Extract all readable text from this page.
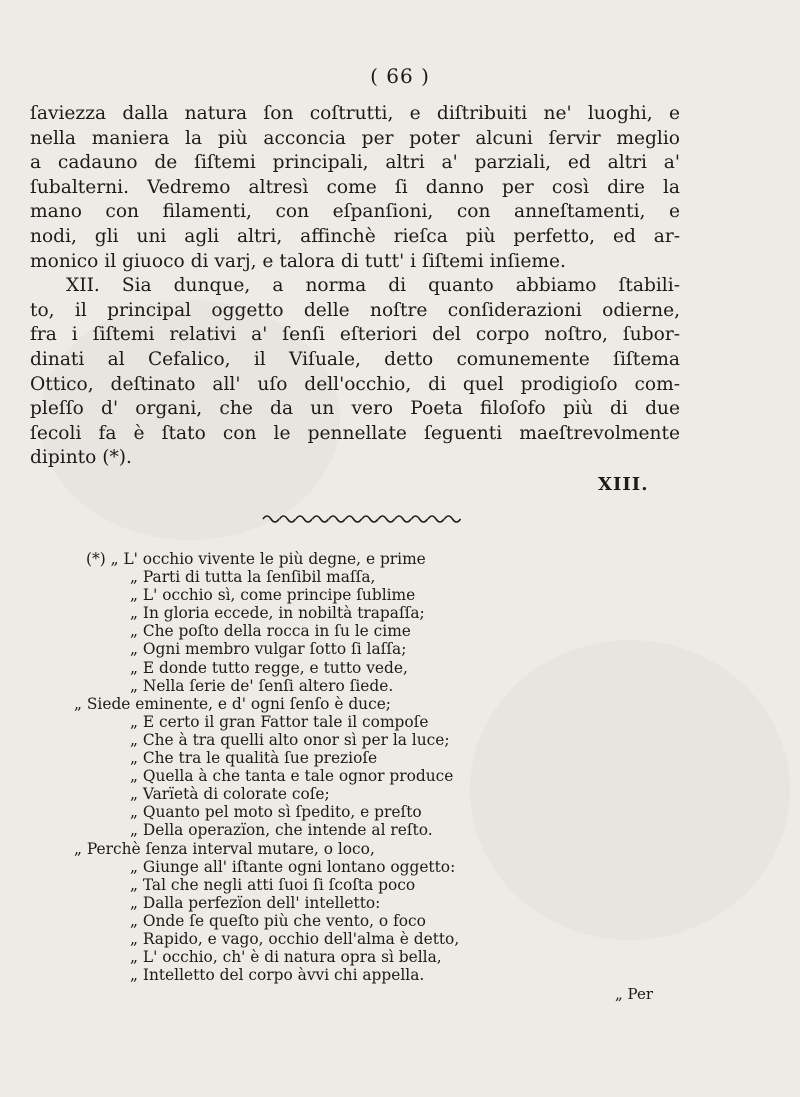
( 66 )
ſaviezza dalla natura ſon coſtrutti, e diſtribuiti ne' luoghi, e
nella maniera la più acconcia per poter alcuni ſervir meglio
a cadauno de ſiſtemi principali, altri a' parziali, ed altri a'
ſubalterni. Vedremo altresì come ſi danno per così dire la
mano con filamenti, con eſpanſioni, con anneſtamenti, e
nodi, gli uni agli altri, affinchè rieſca più perfetto, ed ar-
monico il giuoco di varj, e talora di tutt' i ſiſtemi inſieme.
XII. Sia dunque, a norma di quanto abbiamo ſtabili-
to, il principal oggetto delle noſtre conſiderazioni odierne,
fra i ſiſtemi relativi a' ſenſi eſteriori del corpo noſtro, ſubor-
dinati al Cefalico, il Viſuale, detto comunemente ſiſtema
Ottico, deſtinato all' uſo dell'occhio, di quel prodigioſo com-
pleſſo d' organi, che da un vero Poeta filoſofo più di due
ſecoli fa è ſtato con le pennellate ſeguenti maeſtrevolmente
dipinto (*).
XIII.
(*) „ L' occhio vivente le più degne, e prime
„ Parti di tutta la ſenſibil maſſa,
„ L' occhio sì, come principe ſublime
„ In gloria eccede, in nobiltà trapaſſa;
„ Che poſto della rocca in ſu le cime
„ Ogni membro vulgar ſotto ſi laſſa;
„ E donde tutto regge, e tutto vede,
„ Nella ſerie de' ſenſi altero ſiede.
„ Siede eminente, e d' ogni ſenſo è duce;
„ E certo il gran Fattor tale il compoſe
„ Che à tra quelli alto onor sì per la luce;
„ Che tra le qualità ſue prezioſe
„ Quella à che tanta e tale ognor produce
„ Varïetà di colorate coſe;
„ Quanto pel moto sì ſpedito, e preſto
„ Della operazïon, che intende al reſto.
„ Perchè ſenza interval mutare, o loco,
„ Giunge all' iſtante ogni lontano oggetto:
„ Tal che negli atti ſuoi ſi ſcoſta poco
„ Dalla perfezïon dell' intelletto:
„ Onde ſe queſto più che vento, o foco
„ Rapido, e vago, occhio dell'alma è detto,
„ L' occhio, ch' è di natura opra sì bella,
„ Intelletto del corpo àvvi chi appella.
„ Per
